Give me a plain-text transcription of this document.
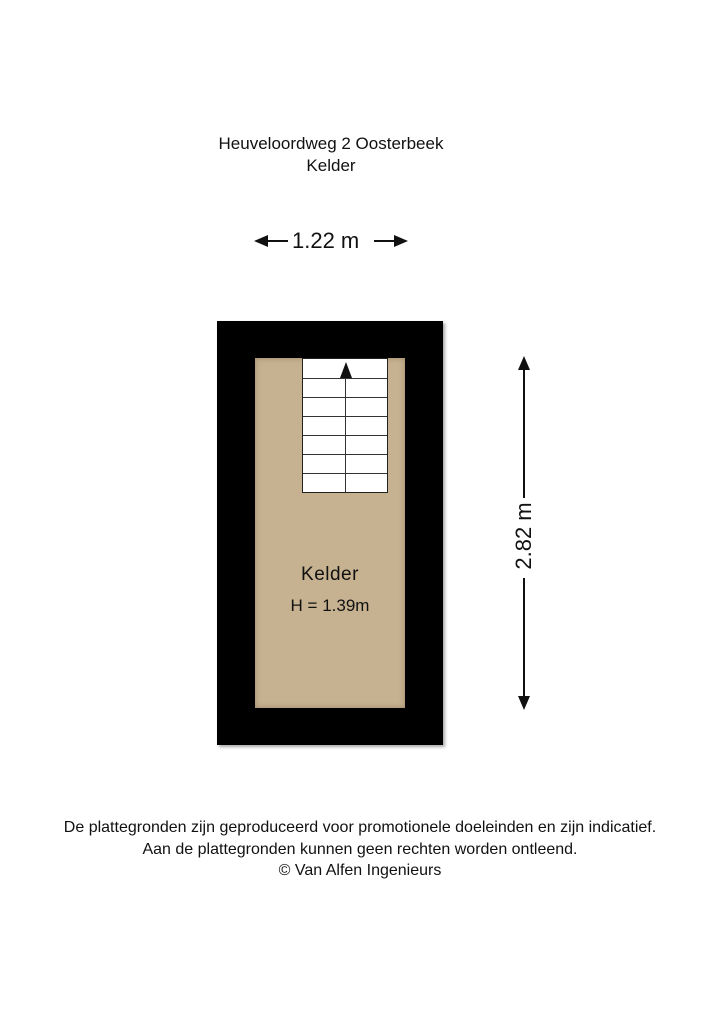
Heuveloordweg 2 Oosterbeek
Kelder
1.22 m
2.82 m
Kelder
H = 1.39m
De plattegronden zijn geproduceerd voor promotionele doeleinden en zijn indicatief.
Aan de plattegronden kunnen geen rechten worden ontleend.
© Van Alfen Ingenieurs
